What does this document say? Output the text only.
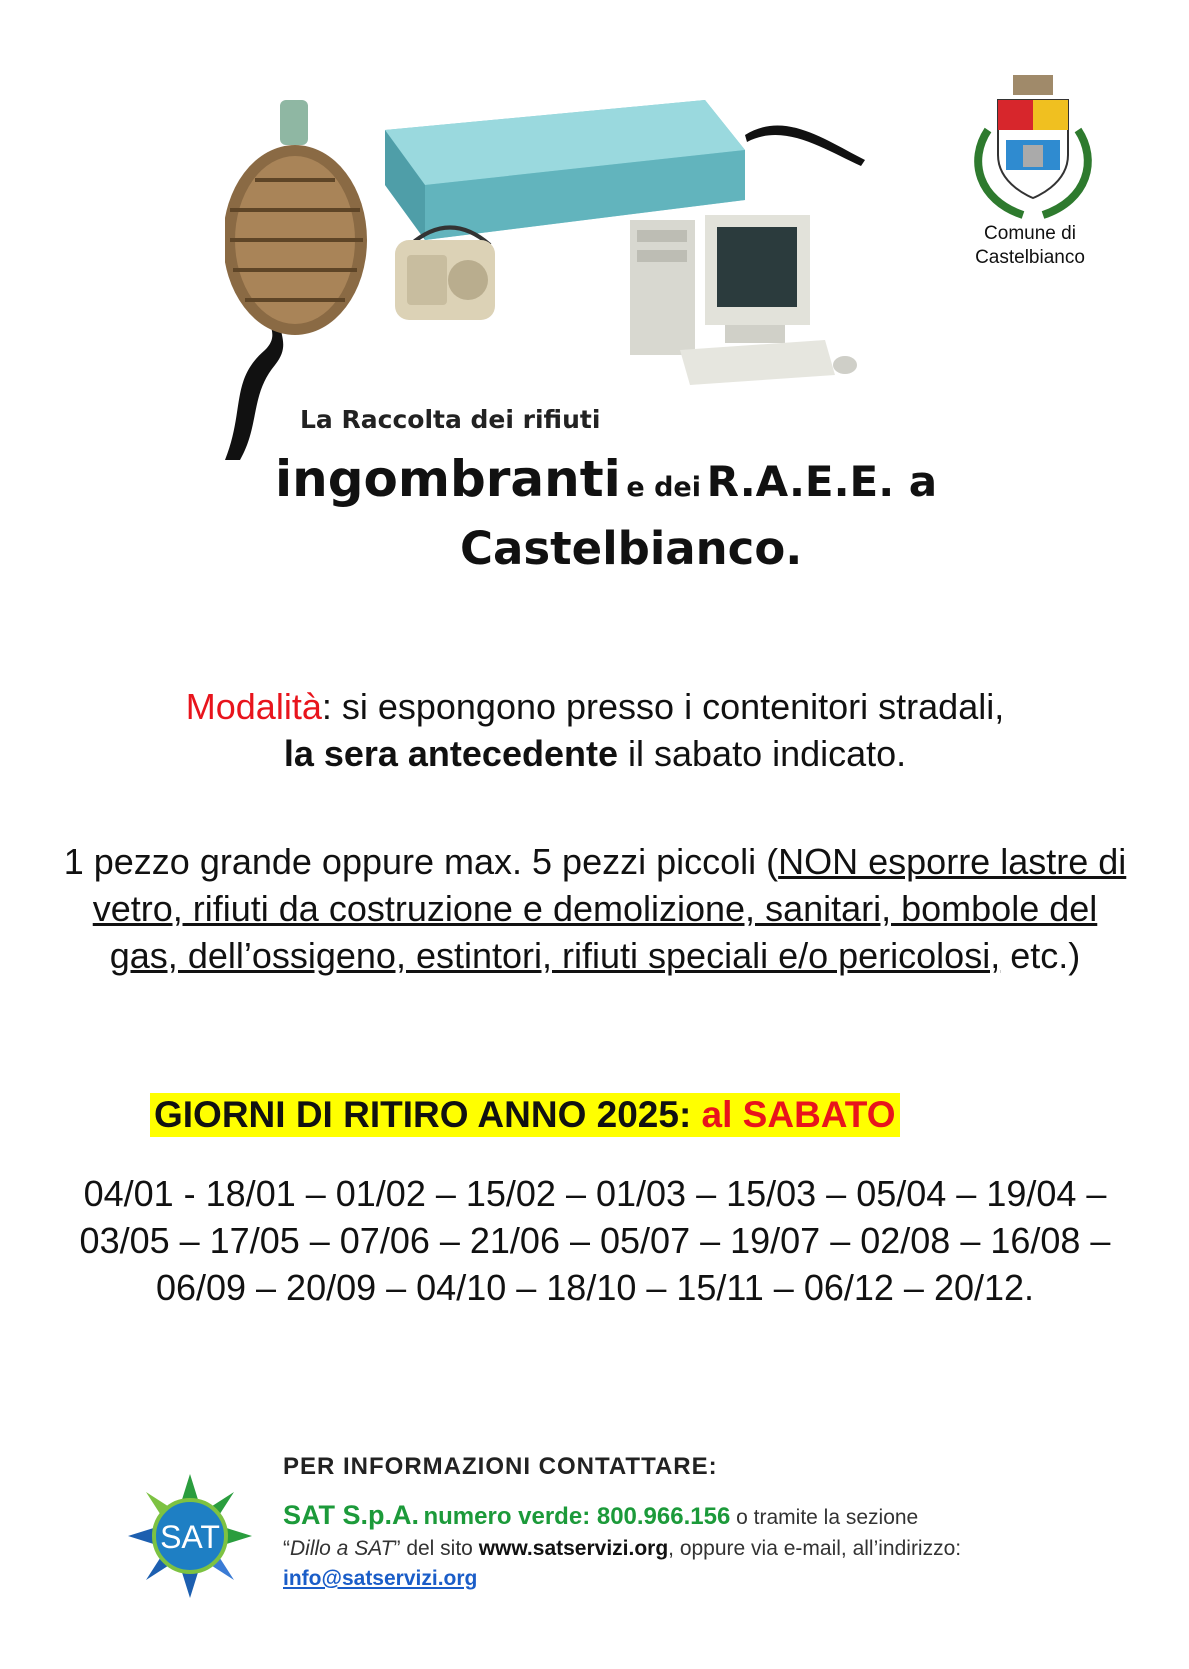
Comune di
Castelbianco
La Raccolta dei rifiuti
ingombranti e dei R.A.E.E. a
Castelbianco.
Modalità: si espongono presso i contenitori stradali,
la sera antecedente il sabato indicato.
1 pezzo grande oppure max. 5 pezzi piccoli (NON esporre lastre di vetro, rifiuti da costruzione e demolizione, sanitari, bombole del gas, dell’ossigeno, estintori, rifiuti speciali e/o pericolosi, etc.)
GIORNI DI RITIRO ANNO 2025: al SABATO
04/01 - 18/01 – 01/02 – 15/02 – 01/03 – 15/03 – 05/04 – 19/04 – 03/05 – 17/05 – 07/06 – 21/06 – 05/07 – 19/07 – 02/08 – 16/08 – 06/09 – 20/09 – 04/10 – 18/10 – 15/11 – 06/12 – 20/12.
SAT
PER INFORMAZIONI CONTATTARE:
SAT S.p.A. numero verde: 800.966.156 o tramite la sezione
“Dillo a SAT” del sito www.satservizi.org, oppure via e-mail, all’indirizzo:
info@satservizi.org
